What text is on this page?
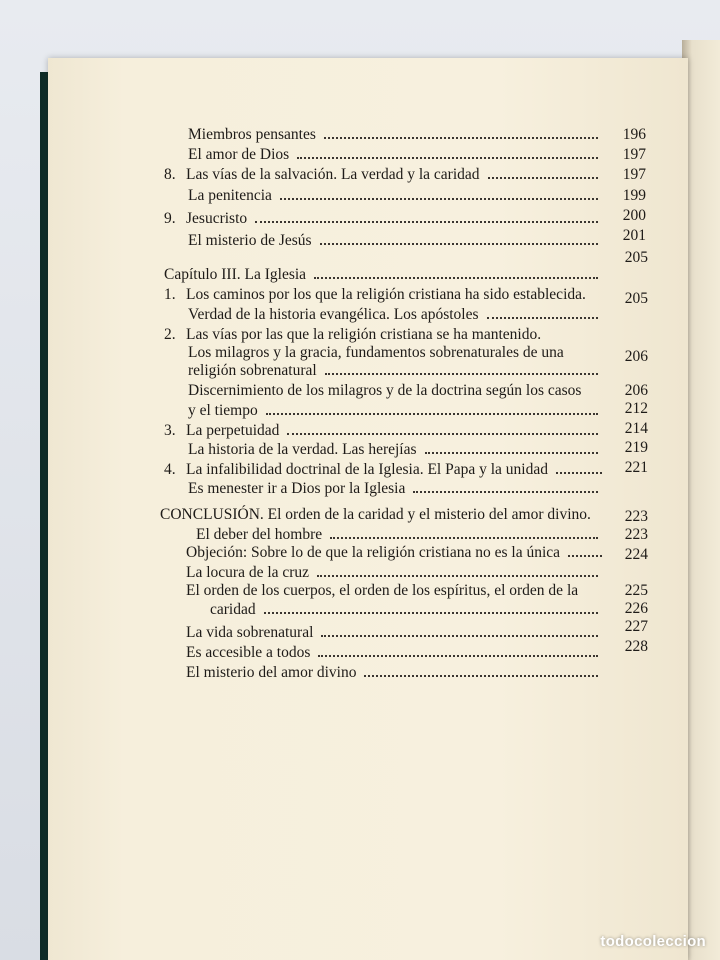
Miembros pensantes
El amor de Dios
8. Las vías de la salvación. La verdad y la caridad
La penitencia
9. Jesucristo
El misterio de Jesús
Capítulo III. La Iglesia
1. Los caminos por los que la religión cristiana ha sido establecida.
Verdad de la historia evangélica. Los apóstoles
2. Las vías por las que la religión cristiana se ha mantenido.
Los milagros y la gracia, fundamentos sobrenaturales de una
religión sobrenatural
Discernimiento de los milagros y de la doctrina según los casos
y el tiempo
3. La perpetuidad
La historia de la verdad. Las herejías
4. La infalibilidad doctrinal de la Iglesia. El Papa y la unidad
Es menester ir a Dios por la Iglesia
CONCLUSIÓN. El orden de la caridad y el misterio del amor divino.
El deber del hombre
Objeción: Sobre lo de que la religión cristiana no es la única
La locura de la cruz
El orden de los cuerpos, el orden de los espíritus, el orden de la
caridad
La vida sobrenatural
Es accesible a todos
El misterio del amor divino
196
197
197
199
200
201
205
205
206
206
212
214
219
221
223
223
224
225
226
227
228
todocoleccion
